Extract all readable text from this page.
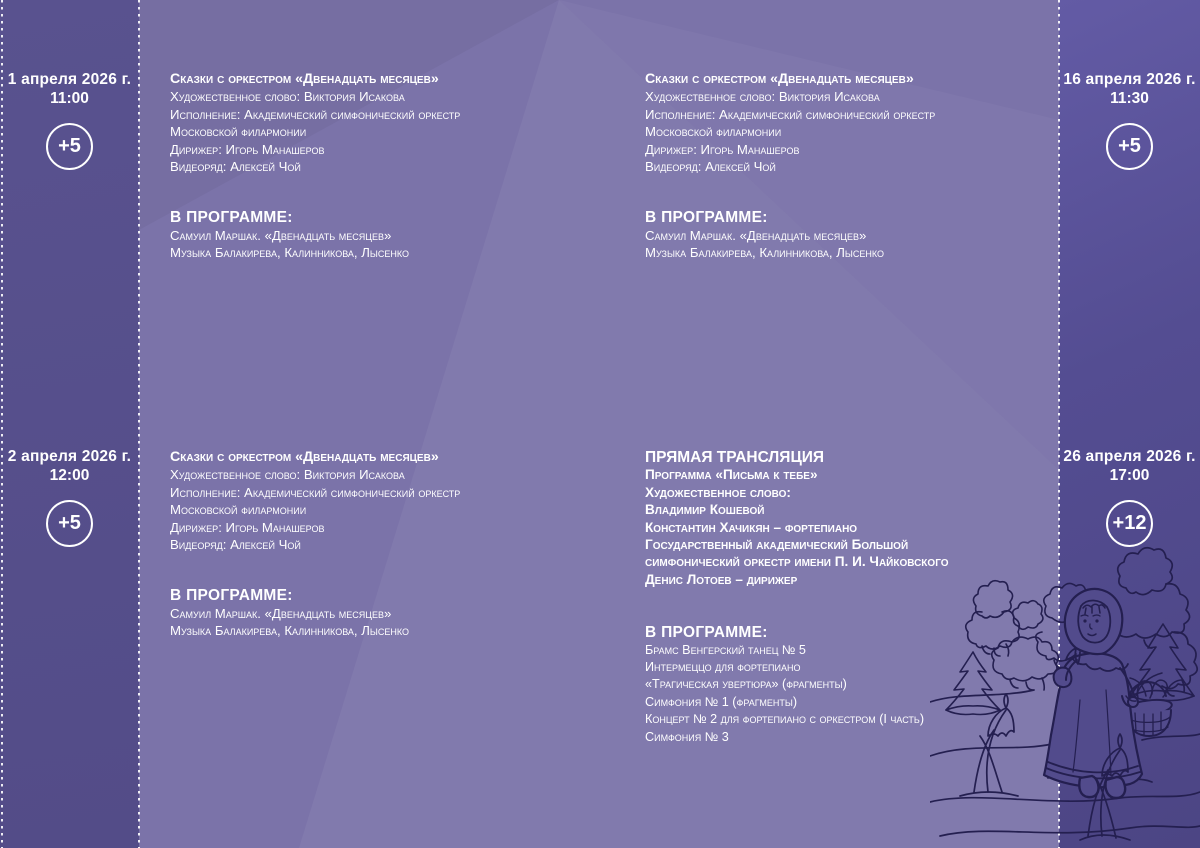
1 апреля 2026 г.
11:00
+5
2 апреля 2026 г.
12:00
+5
16 апреля 2026 г.
11:30
+5
26 апреля 2026 г.
17:00
+12
Сказки с оркестром «Двенадцать месяцев»
Художественное слово: Виктория Исакова
Исполнение: Академический симфонический оркестр
Московской филармонии
Дирижер: Игорь Манашеров
Видеоряд: Алексей Чой
В ПРОГРАММЕ:
Самуил Маршак. «Двенадцать месяцев»
Музыка Балакирева, Калинникова, Лысенко
Сказки с оркестром «Двенадцать месяцев»
Художественное слово: Виктория Исакова
Исполнение: Академический симфонический оркестр
Московской филармонии
Дирижер: Игорь Манашеров
Видеоряд: Алексей Чой
В ПРОГРАММЕ:
Самуил Маршак. «Двенадцать месяцев»
Музыка Балакирева, Калинникова, Лысенко
Сказки с оркестром «Двенадцать месяцев»
Художественное слово: Виктория Исакова
Исполнение: Академический симфонический оркестр
Московской филармонии
Дирижер: Игорь Манашеров
Видеоряд: Алексей Чой
В ПРОГРАММЕ:
Самуил Маршак. «Двенадцать месяцев»
Музыка Балакирева, Калинникова, Лысенко
ПРЯМАЯ ТРАНСЛЯЦИЯ
Программа «Письма к тебе»
Художественное слово:
Владимир Кошевой
Константин Хачикян – фортепиано
Государственный академический Большой
симфонический оркестр имени П. И. Чайковского
Денис Лотоев – дирижер
В ПРОГРАММЕ:
Брамс Венгерский танец № 5
Интермеццо для фортепиано
«Трагическая увертюра» (фрагменты)
Симфония № 1 (фрагменты)
Концерт № 2 для фортепиано с оркестром (I часть)
Симфония № 3
